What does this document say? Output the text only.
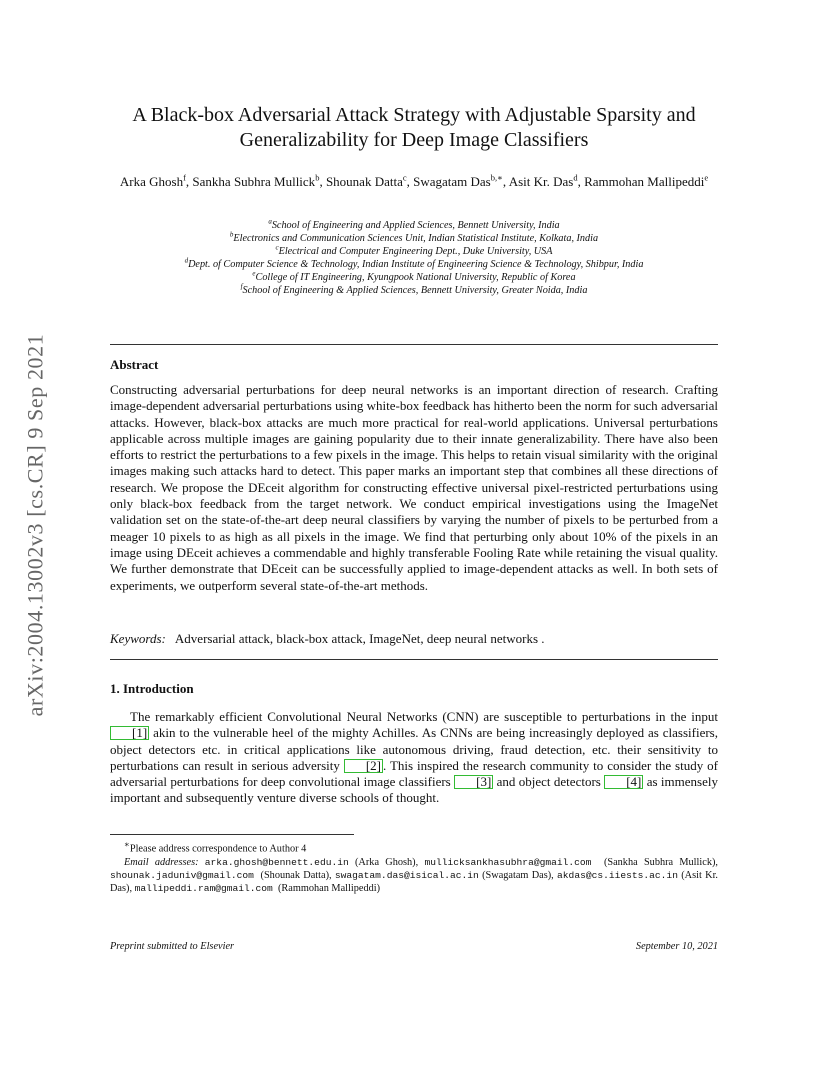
arXiv:2004.13002v3 [cs.CR] 9 Sep 2021
A Black-box Adversarial Attack Strategy with Adjustable Sparsity and
Generalizability for Deep Image Classifiers
Arka Ghosh$^f$, Sankha Subhra Mullick$^b$, Shounak Datta$^c$, Swagatam Das$^{b,∗}$, Asit Kr. Das$^d$, Rammohan Mallipeddi$^e$
$^a$School of Engineering and Applied Sciences, Bennett University, India
$^b$Electronics and Communication Sciences Unit, Indian Statistical Institute, Kolkata, India
$^c$Electrical and Computer Engineering Dept., Duke University, USA
$^d$Dept. of Computer Science & Technology, Indian Institute of Engineering Science & Technology, Shibpur, India
$^e$College of IT Engineering, Kyungpook National University, Republic of Korea
$^f$School of Engineering & Applied Sciences, Bennett University, Greater Noida, India
Abstract

Constructing adversarial perturbations for deep neural networks is an important direction of research. Crafting image-dependent adversarial perturbations using white-box feedback has hitherto been the norm for such adversarial attacks. However, black-box attacks are much more practical for real-world applications. Universal perturbations applicable across multiple images are gaining popularity due to their innate generalizability. There have also been efforts to restrict the perturbations to a few pixels in the image. This helps to retain visual similarity with the original images making such attacks hard to detect. This paper marks an important step that combines all these directions of research. We propose the DEceit algorithm for constructing effective universal pixel-restricted perturbations using only black-box feedback from the target network. We conduct empirical investigations using the ImageNet validation set on the state-of-the-art deep neural classifiers by varying the number of pixels to be perturbed from a meager 10 pixels to as high as all pixels in the image. We find that perturbing only about 10% of the pixels in an image using DEceit achieves a commendable and highly transferable Fooling Rate while retaining the visual quality. We further demonstrate that DEceit can be successfully applied to image-dependent attacks as well. In both sets of experiments, we outperform several state-of-the-art methods.

Keywords: Adversarial attack, black-box attack, ImageNet, deep neural networks .
1. Introduction

The remarkably efficient Convolutional Neural Networks (CNN) are susceptible to perturbations in the input [1] akin to the vulnerable heel of the mighty Achilles. As CNNs are being increasingly deployed as classifiers, object detectors etc. in critical applications like autonomous driving, fraud detection, etc. their sensitivity to perturbations can result in serious adversity [2] . This inspired the research community to consider the study of adversarial perturbations for deep convolutional image classifiers [3] and object detectors [4] as immensely important and subsequently venture diverse schools of thought.

∗Please address correspondence to Author 4
Email addresses: arka.ghosh@bennett.edu.in (Arka Ghosh), mullicksankhasubhra@gmail.com (Sankha Subhra Mullick), shounak.jaduniv@gmail.com (Shounak Datta), swagatam.das@isical.ac.in (Swagatam Das), akdas@cs.iiests.ac.in (Asit Kr. Das), mallipeddi.ram@gmail.com (Rammohan Mallipeddi)
Preprint submitted to Elsevier	September 10, 2021
